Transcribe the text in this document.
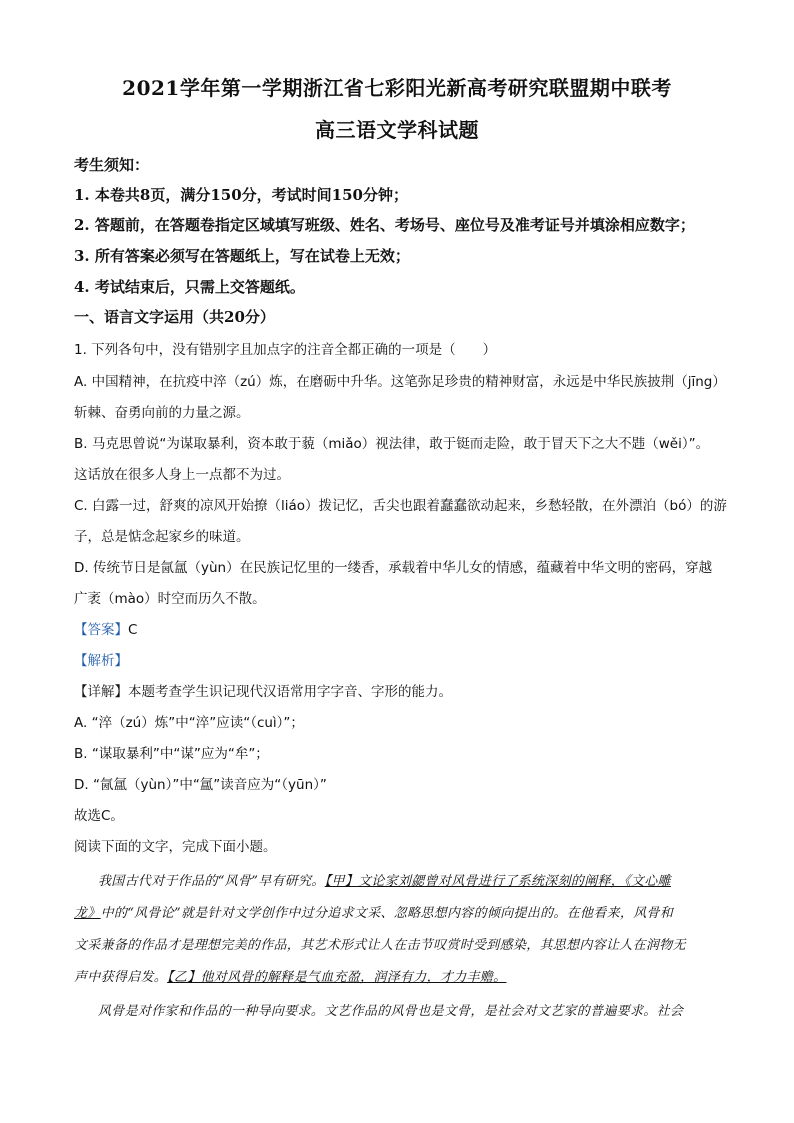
2021学年第一学期浙江省七彩阳光新高考研究联盟期中联考
高三语文学科试题
考生须知：
1. 本卷共8页，满分150分，考试时间150分钟；
2. 答题前，在答题卷指定区域填写班级、姓名、考场号、座位号及准考证号并填涂相应数字；
3. 所有答案必须写在答题纸上，写在试卷上无效；
4. 考试结束后，只需上交答题纸。
一、语言文字运用（共20分）
1. 下列各句中，没有错别字且加点字的注音全都正确的一项是（　　）
A. 中国精神，在抗疫中淬（zú）炼，在磨砺中升华。这笔弥足珍贵的精神财富，永远是中华民族披荆（jīng）
斩棘、奋勇向前的力量之源。
B. 马克思曾说“为谋取暴利，资本敢于藐（miǎo）视法律，敢于铤而走险，敢于冒天下之大不韪（wěi）”。
这话放在很多人身上一点都不为过。
C. 白露一过，舒爽的凉风开始撩（liáo）拨记忆，舌尖也跟着蠢蠢欲动起来，乡愁轻散，在外漂泊（bó）的游
子，总是惦念起家乡的味道。
D. 传统节日是氤氲（yùn）在民族记忆里的一缕香，承载着中华儿女的情感，蕴藏着中华文明的密码，穿越
广袤（mào）时空而历久不散。
【答案】C
【解析】
【详解】本题考查学生识记现代汉语常用字字音、字形的能力。
A. “淬（zú）炼”中“淬”应读“（cuì）”；
B. “谋取暴利”中“谋”应为“牟”；
D. “氤氲（yùn）”中“氲”读音应为“（yūn）”
故选C。
阅读下面的文字，完成下面小题。
我国古代对于作品的“风骨”早有研究。【甲】文论家刘勰曾对风骨进行了系统深刻的阐释，《文心雕
龙》中的“风骨论”就是针对文学创作中过分追求文采、忽略思想内容的倾向提出的。在他看来，风骨和
文采兼备的作品才是理想完美的作品，其艺术形式让人在击节叹赏时受到感染，其思想内容让人在润物无
声中获得启发。【乙】他对风骨的解释是气血充盈，润泽有力，才力丰赡。
风骨是对作家和作品的一种导向要求。文艺作品的风骨也是文骨，是社会对文艺家的普遍要求。社会
